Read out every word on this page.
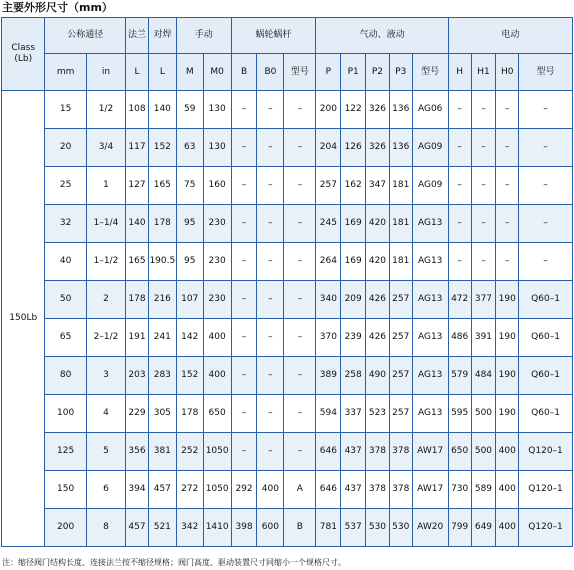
主要外形尺寸（mm）
Class
(Lb)	公称通径		法兰	对焊	手动		蜗轮蜗杆			气动、液动					电动			
	mm	in	L	L	M	M0	B	B0	型号	P	P1	P2	P3	型号	H	H1	H0	型号
150Lb	15	1/2	108	140	59	130	–	–	–	200	122	326	136	AG06	–	–	–	–
	20	3/4	117	152	63	130	–	–	–	204	126	326	136	AG09	–	–	–	–
	25	1	127	165	75	160	–	–	–	257	162	347	181	AG09	–	–	–	–
	32	1–1/4	140	178	95	230	–	–	–	245	169	420	181	AG13	–	–	–	–
	40	1–1/2	165	190.5	95	230	–	–	–	264	169	420	181	AG13	–	–	–	–
	50	2	178	216	107	230	–	–	–	340	209	426	257	AG13	472	377	190	Q60–1
	65	2–1/2	191	241	142	400	–	–	–	370	239	426	257	AG13	486	391	190	Q60–1
	80	3	203	283	152	400	–	–	–	389	258	490	257	AG13	579	484	190	Q60–1
	100	4	229	305	178	650	–	–	–	594	337	523	257	AG13	595	500	190	Q60–1
	125	5	356	381	252	1050	–	–	–	646	437	378	378	AW17	650	500	400	Q120–1
	150	6	394	457	272	1050	292	400	A	646	437	378	378	AW17	730	589	400	Q120–1
	200	8	457	521	342	1410	398	600	B	781	537	530	530	AW20	799	649	400	Q120–1
注：缩径阀门结构长度、连接法兰按不缩径规格；阀门高度、驱动装置尺寸同缩小一个规格尺寸。
